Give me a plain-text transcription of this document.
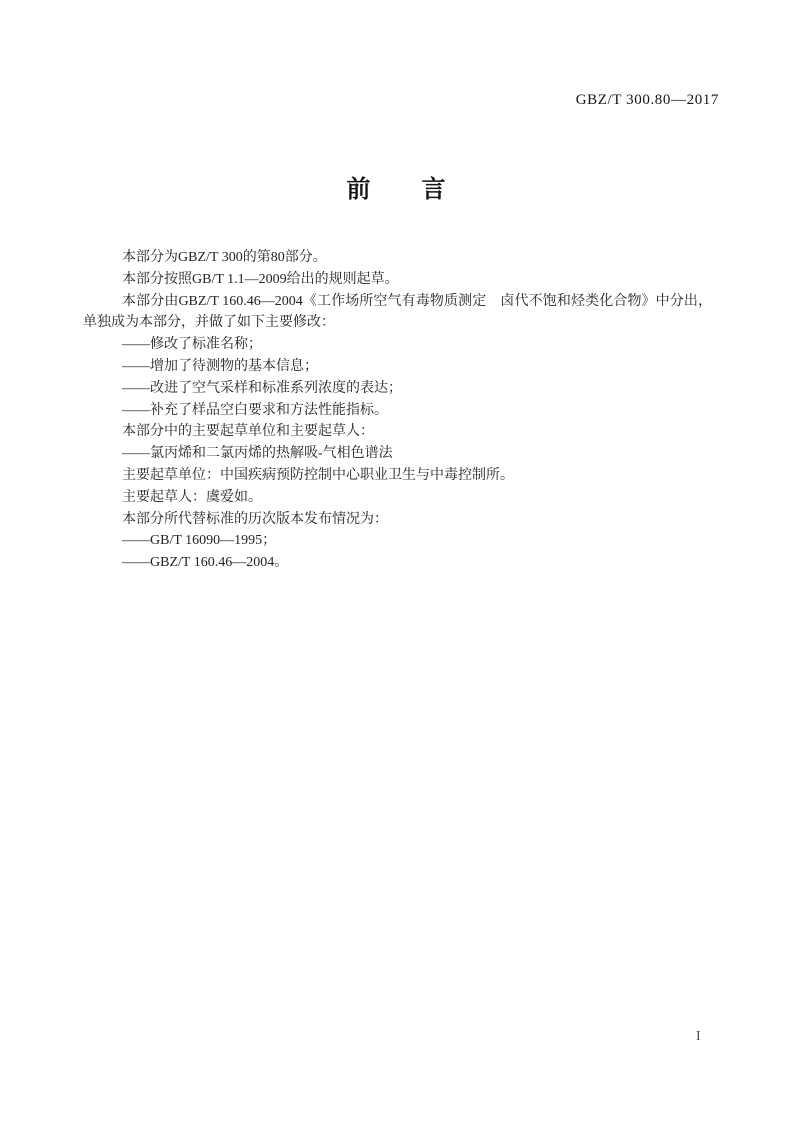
GBZ/T 300.80—2017
前　　言

本部分为GBZ/T 300的第80部分。

本部分按照GB/T 1.1—2009给出的规则起草。

本部分由GBZ/T 160.46—2004《工作场所空气有毒物质测定　卤代不饱和烃类化合物》中分出，单独成为本部分，并做了如下主要修改：

——修改了标准名称；

——增加了待测物的基本信息；

——改进了空气采样和标准系列浓度的表达；

——补充了样品空白要求和方法性能指标。

本部分中的主要起草单位和主要起草人：

——氯丙烯和二氯丙烯的热解吸-气相色谱法

主要起草单位：中国疾病预防控制中心职业卫生与中毒控制所。

主要起草人：虞爱如。

本部分所代替标准的历次版本发布情况为：

——GB/T 16090—1995；

——GBZ/T 160.46—2004。

I
